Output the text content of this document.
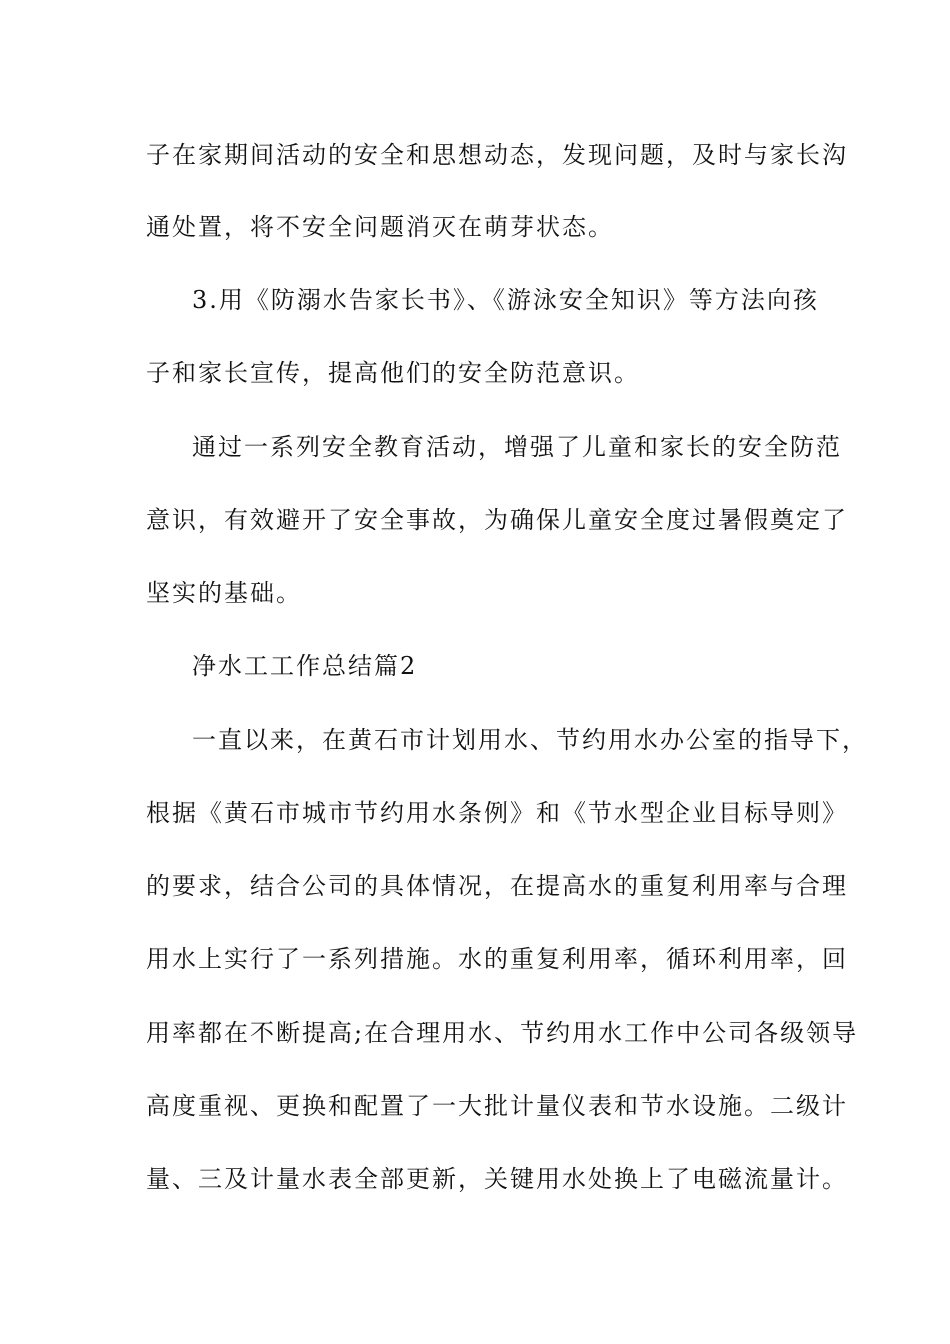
子在家期间活动的安全和思想动态，发现问题，及时与家长沟
通处置，将不安全问题消灭在萌芽状态。
3.用《防溺水告家长书》、《游泳安全知识》等方法向孩
子和家长宣传，提高他们的安全防范意识。
通过一系列安全教育活动，增强了儿童和家长的安全防范
意识，有效避开了安全事故，为确保儿童安全度过暑假奠定了
坚实的基础。
净水工工作总结篇2
一直以来，在黄石市计划用水、节约用水办公室的指导下，
根据《黄石市城市节约用水条例》和《节水型企业目标导则》
的要求，结合公司的具体情况，在提高水的重复利用率与合理
用水上实行了一系列措施。水的重复利用率，循环利用率，回
用率都在不断提高;在合理用水、节约用水工作中公司各级领导
高度重视、更换和配置了一大批计量仪表和节水设施。二级计
量、三及计量水表全部更新，关键用水处换上了电磁流量计。
